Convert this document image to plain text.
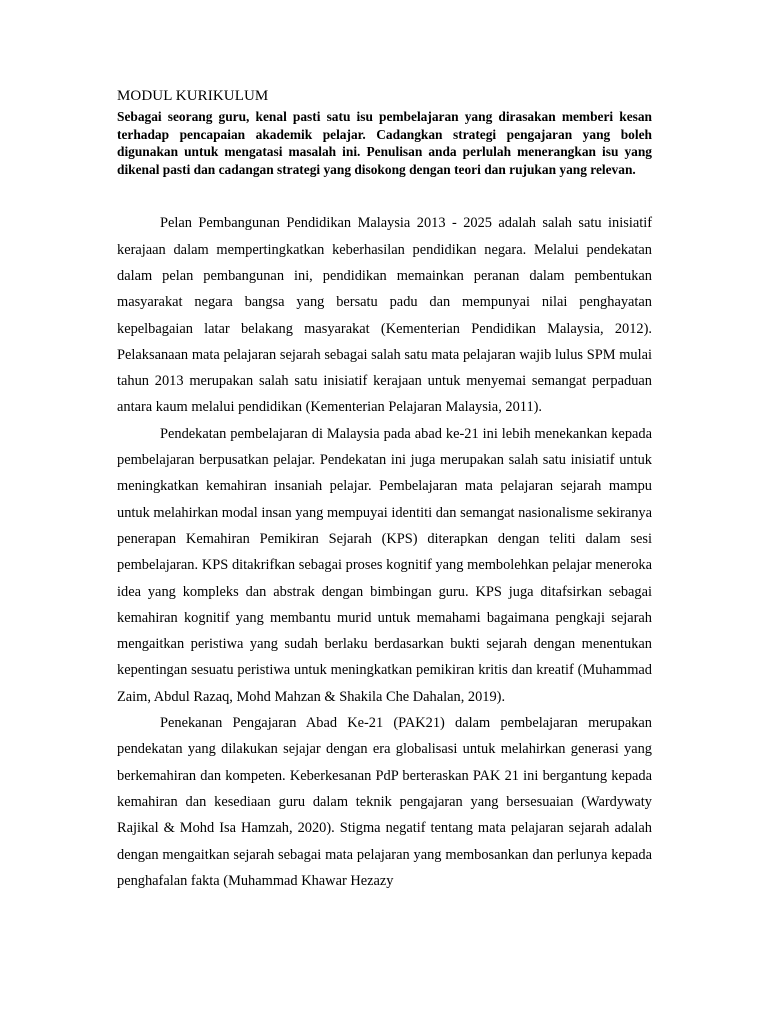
MODUL KURIKULUM

Sebagai seorang guru, kenal pasti satu isu pembelajaran yang dirasakan memberi kesan terhadap pencapaian akademik pelajar. Cadangkan strategi pengajaran yang boleh digunakan untuk mengatasi masalah ini. Penulisan anda perlulah menerangkan isu yang dikenal pasti dan cadangan strategi yang disokong dengan teori dan rujukan yang relevan.

Pelan Pembangunan Pendidikan Malaysia 2013 - 2025 adalah salah satu inisiatif kerajaan dalam mempertingkatkan keberhasilan pendidikan negara. Melalui pendekatan dalam pelan pembangunan ini, pendidikan memainkan peranan dalam pembentukan masyarakat negara bangsa yang bersatu padu dan mempunyai nilai penghayatan kepelbagaian latar belakang masyarakat (Kementerian Pendidikan Malaysia, 2012). Pelaksanaan mata pelajaran sejarah sebagai salah satu mata pelajaran wajib lulus SPM mulai tahun 2013 merupakan salah satu inisiatif kerajaan untuk menyemai semangat perpaduan antara kaum melalui pendidikan (Kementerian Pelajaran Malaysia, 2011).

Pendekatan pembelajaran di Malaysia pada abad ke-21 ini lebih menekankan kepada pembelajaran berpusatkan pelajar. Pendekatan ini juga merupakan salah satu inisiatif untuk meningkatkan kemahiran insaniah pelajar. Pembelajaran mata pelajaran sejarah mampu untuk melahirkan modal insan yang mempuyai identiti dan semangat nasionalisme sekiranya penerapan Kemahiran Pemikiran Sejarah (KPS) diterapkan dengan teliti dalam sesi pembelajaran. KPS ditakrifkan sebagai proses kognitif yang membolehkan pelajar meneroka idea yang kompleks dan abstrak dengan bimbingan guru. KPS juga ditafsirkan sebagai kemahiran kognitif yang membantu murid untuk memahami bagaimana pengkaji sejarah mengaitkan peristiwa yang sudah berlaku berdasarkan bukti sejarah dengan menentukan kepentingan sesuatu peristiwa untuk meningkatkan pemikiran kritis dan kreatif (Muhammad Zaim, Abdul Razaq, Mohd Mahzan & Shakila Che Dahalan, 2019).

Penekanan Pengajaran Abad Ke-21 (PAK21) dalam pembelajaran merupakan pendekatan yang dilakukan sejajar dengan era globalisasi untuk melahirkan generasi yang berkemahiran dan kompeten. Keberkesanan PdP berteraskan PAK 21 ini bergantung kepada kemahiran dan kesediaan guru dalam teknik pengajaran yang bersesuaian (Wardywaty Rajikal & Mohd Isa Hamzah, 2020). Stigma negatif tentang mata pelajaran sejarah adalah dengan mengaitkan sejarah sebagai mata pelajaran yang membosankan dan perlunya kepada penghafalan fakta (Muhammad Khawar Hezazy
